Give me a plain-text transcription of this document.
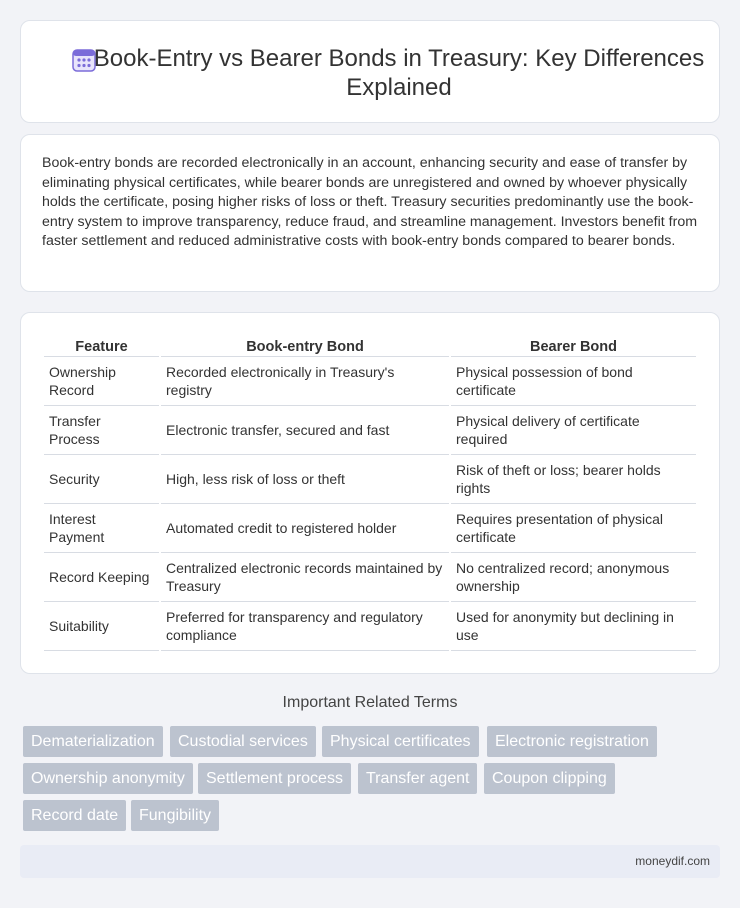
Book-Entry vs Bearer Bonds in Treasury: Key Differences Explained

Book-entry bonds are recorded electronically in an account, enhancing security and ease of transfer by eliminating physical certificates, while bearer bonds are unregistered and owned by whoever physically holds the certificate, posing higher risks of loss or theft. Treasury securities predominantly use the book-entry system to improve transparency, reduce fraud, and streamline management. Investors benefit from faster settlement and reduced administrative costs with book-entry bonds compared to bearer bonds.

Feature	Book-entry Bond	Bearer Bond
Ownership Record	Recorded electronically in Treasury's registry	Physical possession of bond certificate
Transfer Process	Electronic transfer, secured and fast	Physical delivery of certificate required
Security	High, less risk of loss or theft	Risk of theft or loss; bearer holds rights
Interest Payment	Automated credit to registered holder	Requires presentation of physical certificate
Record Keeping	Centralized electronic records maintained by Treasury	No centralized record; anonymous ownership
Suitability	Preferred for transparency and regulatory compliance	Used for anonymity but declining in use
Important Related Terms
Dematerialization	Custodial services	Physical certificates	Electronic registration
Ownership anonymity	Settlement process	Transfer agent	Coupon clipping
Record date	Fungibility
moneydif.com
